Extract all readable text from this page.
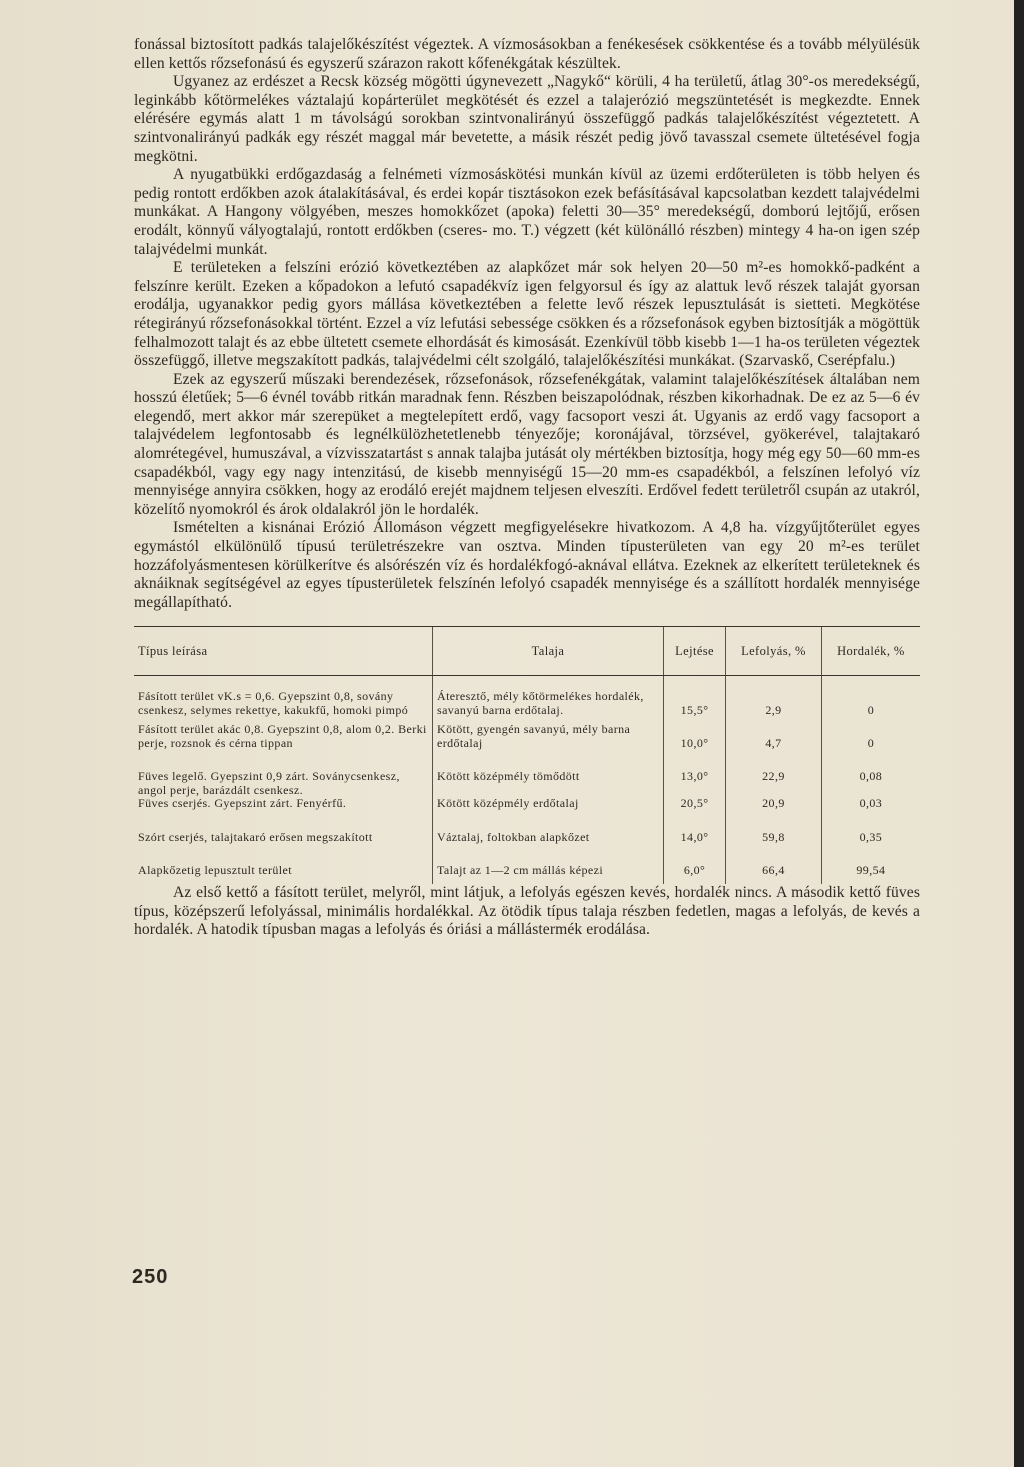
fonással biztosított padkás talajelőkészítést végeztek. A vízmosásokban a fenékesések csökkentése és a tovább mélyülésük ellen kettős rőzsefonású és egyszerű szárazon rakott kőfenékgátak készültek.

Ugyanez az erdészet a Recsk község mögötti úgynevezett „Nagykő“ körüli, 4 ha területű, átlag 30°-os meredekségű, leginkább kőtörmelékes váztalajú kopárterület megkötését és ezzel a talajerózió megszüntetését is megkezdte. Ennek elérésére egymás alatt 1 m távolságú sorokban szintvonalirányú összefüggő padkás talajelőkészítést végeztetett. A szintvonalirányú padkák egy részét maggal már bevetette, a másik részét pedig jövő tavasszal csemete ültetésével fogja megkötni.

A nyugatbükki erdőgazdaság a felnémeti vízmosáskötési munkán kívül az üzemi erdőterületen is több helyen és pedig rontott erdőkben azok átalakításával, és erdei kopár tisztásokon ezek befásításával kapcsolatban kezdett talajvédelmi munkákat. A Hangony völgyében, meszes homokkőzet (apoka) feletti 30—35° meredekségű, domború lejtőjű, erősen erodált, könnyű vályogtalajú, rontott erdőkben (cseres- mo. T.) végzett (két különálló részben) mintegy 4 ha-on igen szép talajvédelmi munkát.

E területeken a felszíni erózió következtében az alapkőzet már sok helyen 20—50 m²-es homokkő-padként a felszínre került. Ezeken a kőpadokon a lefutó csapadékvíz igen felgyorsul és így az alattuk levő részek talaját gyorsan erodálja, ugyanakkor pedig gyors mállása következtében a felette levő részek lepusztulását is sietteti. Megkötése rétegirányú rőzsefonásokkal történt. Ezzel a víz lefutási sebessége csökken és a rőzsefonások egyben biztosítják a mögöttük felhalmozott talajt és az ebbe ültetett csemete elhordását és kimosását. Ezenkívül több kisebb 1—1 ha-os területen végeztek összefüggő, illetve megszakított padkás, talajvédelmi célt szolgáló, talajelőkészítési munkákat. (Szarvaskő, Cserépfalu.)

Ezek az egyszerű műszaki berendezések, rőzsefonások, rőzsefenékgátak, valamint talajelőkészítések általában nem hosszú életűek; 5—6 évnél tovább ritkán maradnak fenn. Részben beiszapolódnak, részben kikorhadnak. De ez az 5—6 év elegendő, mert akkor már szerepüket a megtelepített erdő, vagy facsoport veszi át. Ugyanis az erdő vagy facsoport a talajvédelem legfontosabb és legnélkülözhetetlenebb tényezője; koronájával, törzsével, gyökerével, talajtakaró alomrétegével, humuszával, a vízvisszatartást s annak talajba jutását oly mértékben biztosítja, hogy még egy 50—60 mm-es csapadékból, vagy egy nagy intenzitású, de kisebb mennyiségű 15—20 mm-es csapadékból, a felszínen lefolyó víz mennyisége annyira csökken, hogy az erodáló erejét majdnem teljesen elveszíti. Erdővel fedett területről csupán az utakról, közelítő nyomokról és árok oldalakról jön le hordalék.

Ismételten a kisnánai Erózió Állomáson végzett megfigyelésekre hivatkozom. A 4,8 ha. vízgyűjtőterület egyes egymástól elkülönülő típusú területrészekre van osztva. Minden típusterületen van egy 20 m²-es terület hozzáfolyásmentesen körülkerítve és alsórészén víz és hordalékfogó-aknával ellátva. Ezeknek az elkerített területeknek és aknáiknak segítségével az egyes típusterületek felszínén lefolyó csapadék mennyisége és a szállított hordalék mennyisége megállapítható.

Típus leírása	Talaja	Lejtése	Lefolyás, %	Hordalék, %

Fásított terület vK.s = 0,6. Gyepszint 0,8, sovány csenkesz, selymes rekettye, kakukfű, homoki pimpó	Áteresztő, mély kőtörmelékes hordalék, savanyú barna erdőtalaj.	15,5°	2,9	0
Fásított terület akác 0,8. Gyepszint 0,8, alom 0,2. Berki perje, rozsnok és cérna tippan	Kötött, gyengén savanyú, mély barna erdőtalaj	10,0°	4,7	0

Füves legelő. Gyepszint 0,9 zárt. Soványcsenkesz, angol perje, barázdált csenkesz.	Kötött középmély tömődött	13,0°	22,9	0,08
Füves cserjés. Gyepszint zárt. Fenyérfű.	Kötött középmély erdőtalaj	20,5°	20,9	0,03

Szórt cserjés, talajtakaró erősen megszakított	Váztalaj, foltokban alapkőzet	14,0°	59,8	0,35

Alapkőzetig lepusztult terület	Talajt az 1—2 cm mállás képezi	6,0°	66,4	99,54

Az első kettő a fásított terület, melyről, mint látjuk, a lefolyás egészen kevés, hordalék nincs. A második kettő füves típus, középszerű lefolyással, minimális hordalékkal. Az ötödik típus talaja részben fedetlen, magas a lefolyás, de kevés a hordalék. A hatodik típusban magas a lefolyás és óriási a mállástermék erodálása.

250
